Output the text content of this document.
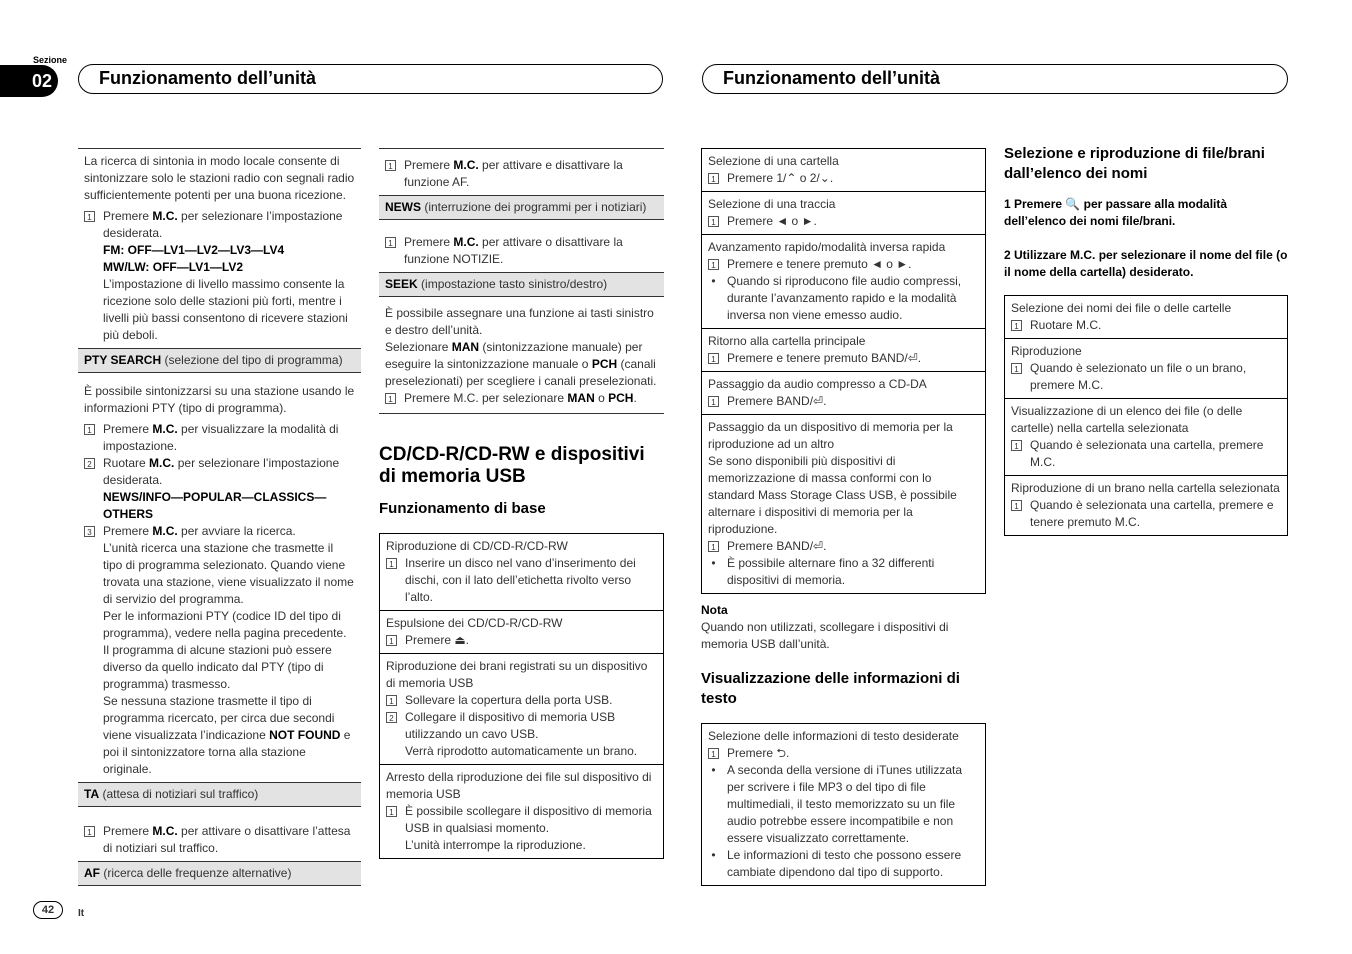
Sezione
02	Funzionamento dell’unità	Funzionamento dell’unità
La ricerca di sintonia in modo locale consente di sintonizzare solo le stazioni radio con segnali radio sufficientemente potenti per una buona ricezione.
1 Premere M.C. per selezionare l’impostazione desiderata.
FM: OFF—LV1—LV2—LV3—LV4
MW/LW: OFF—LV1—LV2
L’impostazione di livello massimo consente la ricezione solo delle stazioni più forti, mentre i livelli più bassi consentono di ricevere stazioni più deboli.
PTY SEARCH (selezione del tipo di programma)
È possibile sintonizzarsi su una stazione usando le informazioni PTY (tipo di programma).
1 Premere M.C. per visualizzare la modalità di impostazione.
2 Ruotare M.C. per selezionare l’impostazione desiderata.
NEWS/INFO—POPULAR—CLASSICS—OTHERS
3 Premere M.C. per avviare la ricerca.
L’unità ricerca una stazione che trasmette il tipo di programma selezionato. Quando viene trovata una stazione, viene visualizzato il nome di servizio del programma.
Per le informazioni PTY (codice ID del tipo di programma), vedere nella pagina precedente.
Il programma di alcune stazioni può essere diverso da quello indicato dal PTY (tipo di programma) trasmesso.
Se nessuna stazione trasmette il tipo di programma ricercato, per circa due secondi viene visualizzata l’indicazione NOT FOUND e poi il sintonizzatore torna alla stazione originale.
TA (attesa di notiziari sul traffico)
1 Premere M.C. per attivare o disattivare l’attesa di notiziari sul traffico.
AF (ricerca delle frequenze alternative)
1 Premere M.C. per attivare e disattivare la funzione AF.
NEWS (interruzione dei programmi per i notiziari)
1 Premere M.C. per attivare o disattivare la funzione NOTIZIE.
SEEK (impostazione tasto sinistro/destro)
È possibile assegnare una funzione ai tasti sinistro e destro dell’unità.
Selezionare MAN (sintonizzazione manuale) per eseguire la sintonizzazione manuale o PCH (canali preselezionati) per scegliere i canali preselezionati.
1 Premere M.C. per selezionare MAN o PCH.
CD/CD-R/CD-RW e dispositivi di memoria USB
Funzionamento di base
Riproduzione di CD/CD-R/CD-RW
1 Inserire un disco nel vano d’inserimento dei dischi, con il lato dell’etichetta rivolto verso l’alto.
Espulsione dei CD/CD-R/CD-RW
1 Premere ⏏.
Riproduzione dei brani registrati su un dispositivo di memoria USB
1 Sollevare la copertura della porta USB.
2 Collegare il dispositivo di memoria USB utilizzando un cavo USB.
Verrà riprodotto automaticamente un brano.
Arresto della riproduzione dei file sul dispositivo di memoria USB
1 È possibile scollegare il dispositivo di memoria USB in qualsiasi momento.
L’unità interrompe la riproduzione.
Selezione di una cartella
1 Premere 1/⌃ o 2/⌄.
Selezione di una traccia
1 Premere ◄ o ►.
Avanzamento rapido/modalità inversa rapida
1 Premere e tenere premuto ◄ o ►.
• Quando si riproducono file audio compressi, durante l’avanzamento rapido e la modalità inversa non viene emesso audio.
Ritorno alla cartella principale
1 Premere e tenere premuto BAND/⏎.
Passaggio da audio compresso a CD-DA
1 Premere BAND/⏎.
Passaggio da un dispositivo di memoria per la riproduzione ad un altro
Se sono disponibili più dispositivi di memorizzazione di massa conformi con lo standard Mass Storage Class USB, è possibile alternare i dispositivi di memoria per la riproduzione.
1 Premere BAND/⏎.
• È possibile alternare fino a 32 differenti dispositivi di memoria.
Nota
Quando non utilizzati, scollegare i dispositivi di memoria USB dall’unità.
Visualizzazione delle informazioni di testo
Selezione delle informazioni di testo desiderate
1 Premere ⮌.
• A seconda della versione di iTunes utilizzata per scrivere i file MP3 o del tipo di file multimediali, il testo memorizzato su un file audio potrebbe essere incompatibile e non essere visualizzato correttamente.
• Le informazioni di testo che possono essere cambiate dipendono dal tipo di supporto.
Selezione e riproduzione di file/brani dall’elenco dei nomi
1 Premere 🔍 per passare alla modalità dell’elenco dei nomi file/brani.
2 Utilizzare M.C. per selezionare il nome del file (o il nome della cartella) desiderato.
Selezione dei nomi dei file o delle cartelle
1 Ruotare M.C.
Riproduzione
1 Quando è selezionato un file o un brano, premere M.C.
Visualizzazione di un elenco dei file (o delle cartelle) nella cartella selezionata
1 Quando è selezionata una cartella, premere M.C.
Riproduzione di un brano nella cartella selezionata
1 Quando è selezionata una cartella, premere e tenere premuto M.C.
42	It
